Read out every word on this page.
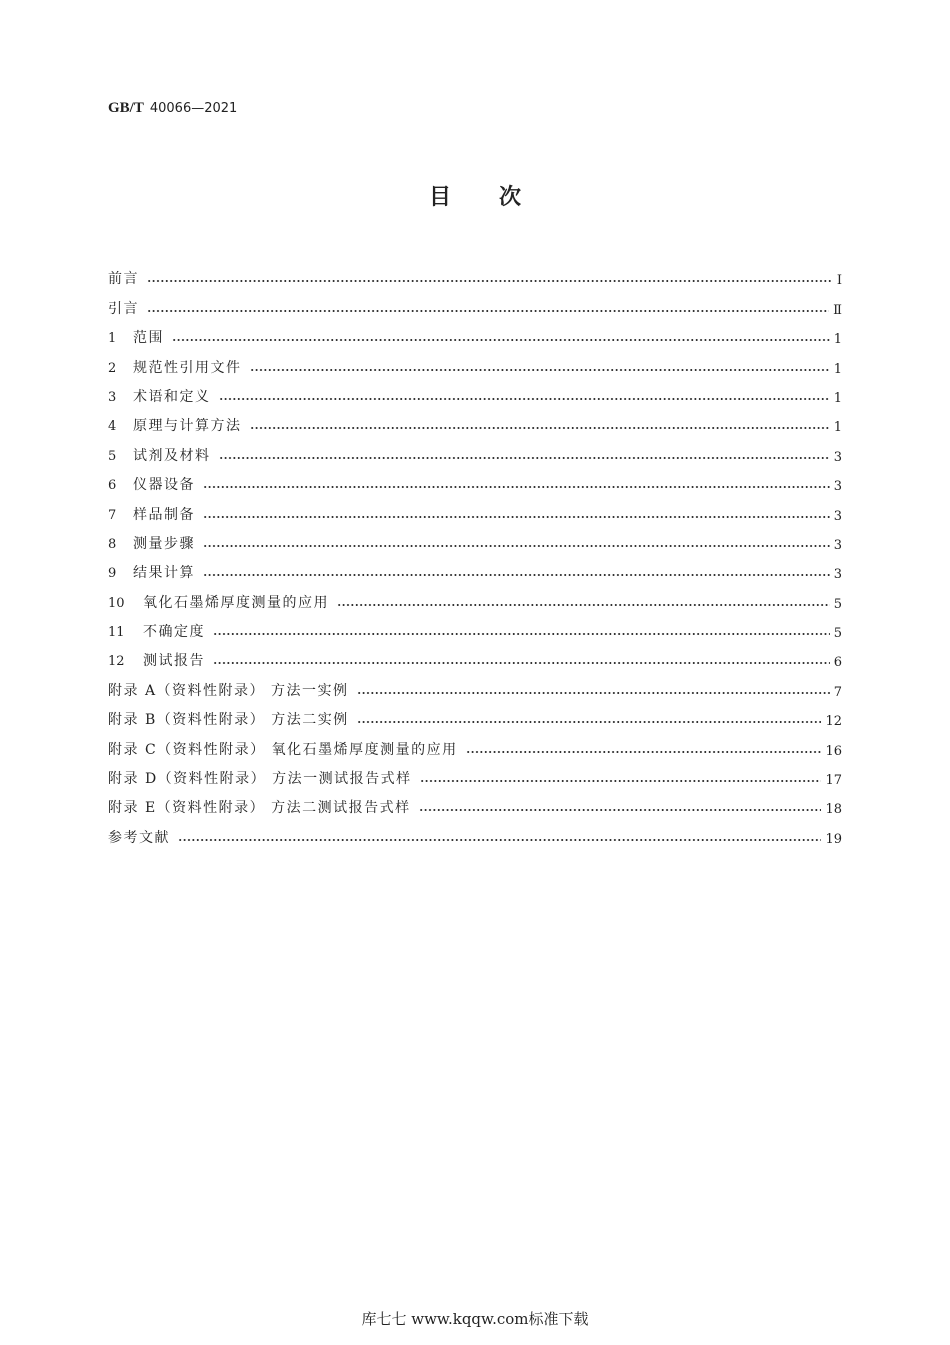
GB/T 40066—2021
目次
前言	Ⅰ
引言	Ⅱ
1 范围	1
2 规范性引用文件	1
3 术语和定义	1
4 原理与计算方法	1
5 试剂及材料	3
6 仪器设备	3
7 样品制备	3
8 测量步骤	3
9 结果计算	3
10 氧化石墨烯厚度测量的应用	5
11 不确定度	5
12 测试报告	6
附录 A（资料性附录） 方法一实例	7
附录 B（资料性附录） 方法二实例	12
附录 C（资料性附录） 氧化石墨烯厚度测量的应用	16
附录 D（资料性附录） 方法一测试报告式样	17
附录 E（资料性附录） 方法二测试报告式样	18
参考文献	19
库七七 www.kqqw.com标准下载
